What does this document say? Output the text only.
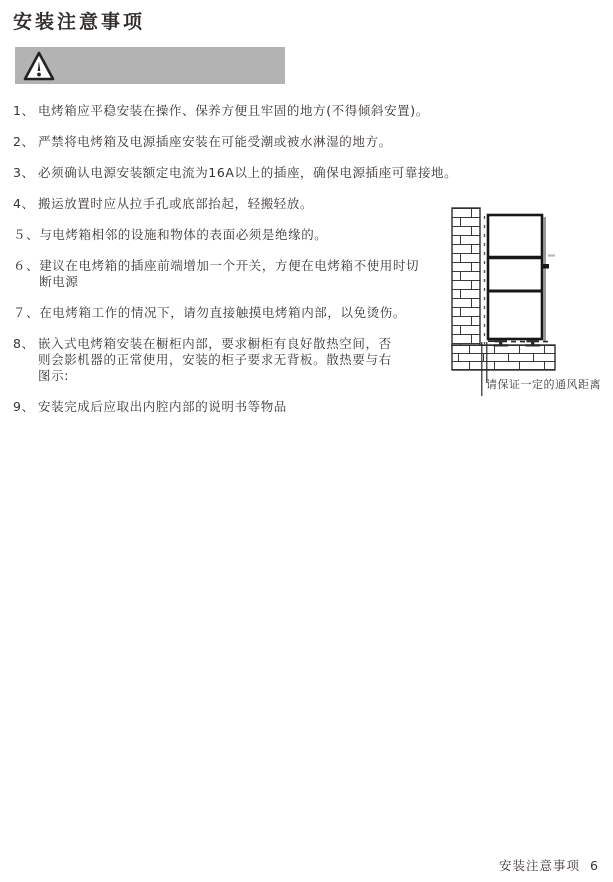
安装注意事项
1、 电烤箱应平稳安装在操作、保养方便且牢固的地方(不得倾斜安置)。
2、 严禁将电烤箱及电源插座安装在可能受潮或被水淋湿的地方。
3、 必须确认电源安装额定电流为16A以上的插座，确保电源插座可靠接地。
4、 搬运放置时应从拉手孔或底部抬起，轻搬轻放。
５、 与电烤箱相邻的设施和物体的表面必须是绝缘的。
６、 建议在电烤箱的插座前端增加一个开关，方便在电烤箱不使用时切
断电源
７、 在电烤箱工作的情况下，请勿直接触摸电烤箱内部，以免烫伤。
8、 嵌入式电烤箱安装在橱柜内部，要求橱柜有良好散热空间，否
则会影机器的正常使用，安装的柜子要求无背板。散热要与右
图示:
9、 安装完成后应取出内腔内部的说明书等物品
请保证一定的通风距离
安装注意事项 6
